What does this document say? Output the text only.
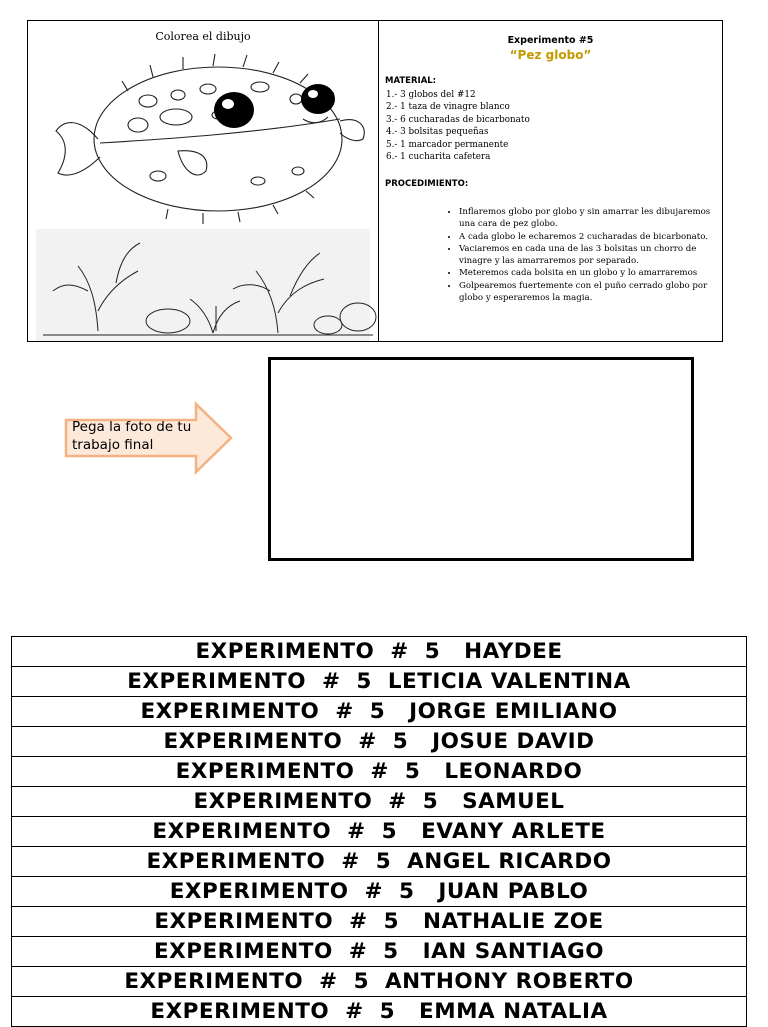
Colorea el dibujo	Experimento #5
“Pez globo”
MATERIAL:
1.- 3 globos del #12
2.- 1 taza de vinagre blanco
3.- 6 cucharadas de bicarbonato
4.- 3 bolsitas pequeñas
5.- 1 marcador permanente
6.- 1 cucharita cafetera
PROCEDIMIENTO:
• Inflaremos globo por globo y sin amarrar les dibujaremos una cara de pez globo.
• A cada globo le echaremos 2 cucharadas de bicarbonato.
• Vaciaremos en cada una de las 3 bolsitas un chorro de vinagre y las amarraremos por separado.
• Meteremos cada bolsita en un globo y lo amarraremos
• Golpearemos fuertemente con el puño cerrado globo por globo y esperaremos la magia.
Pega la foto de tu trabajo final
EXPERIMENTO  #  5   HAYDEE
EXPERIMENTO  #  5  LETICIA VALENTINA
EXPERIMENTO  #  5   JORGE EMILIANO
EXPERIMENTO  #  5   JOSUE DAVID
EXPERIMENTO  #  5   LEONARDO
EXPERIMENTO  #  5   SAMUEL
EXPERIMENTO  #  5   EVANY ARLETE
EXPERIMENTO  #  5  ANGEL RICARDO
EXPERIMENTO  #  5   JUAN PABLO
EXPERIMENTO  #  5   NATHALIE ZOE
EXPERIMENTO  #  5   IAN SANTIAGO
EXPERIMENTO  #  5  ANTHONY ROBERTO
EXPERIMENTO  #  5   EMMA NATALIA
